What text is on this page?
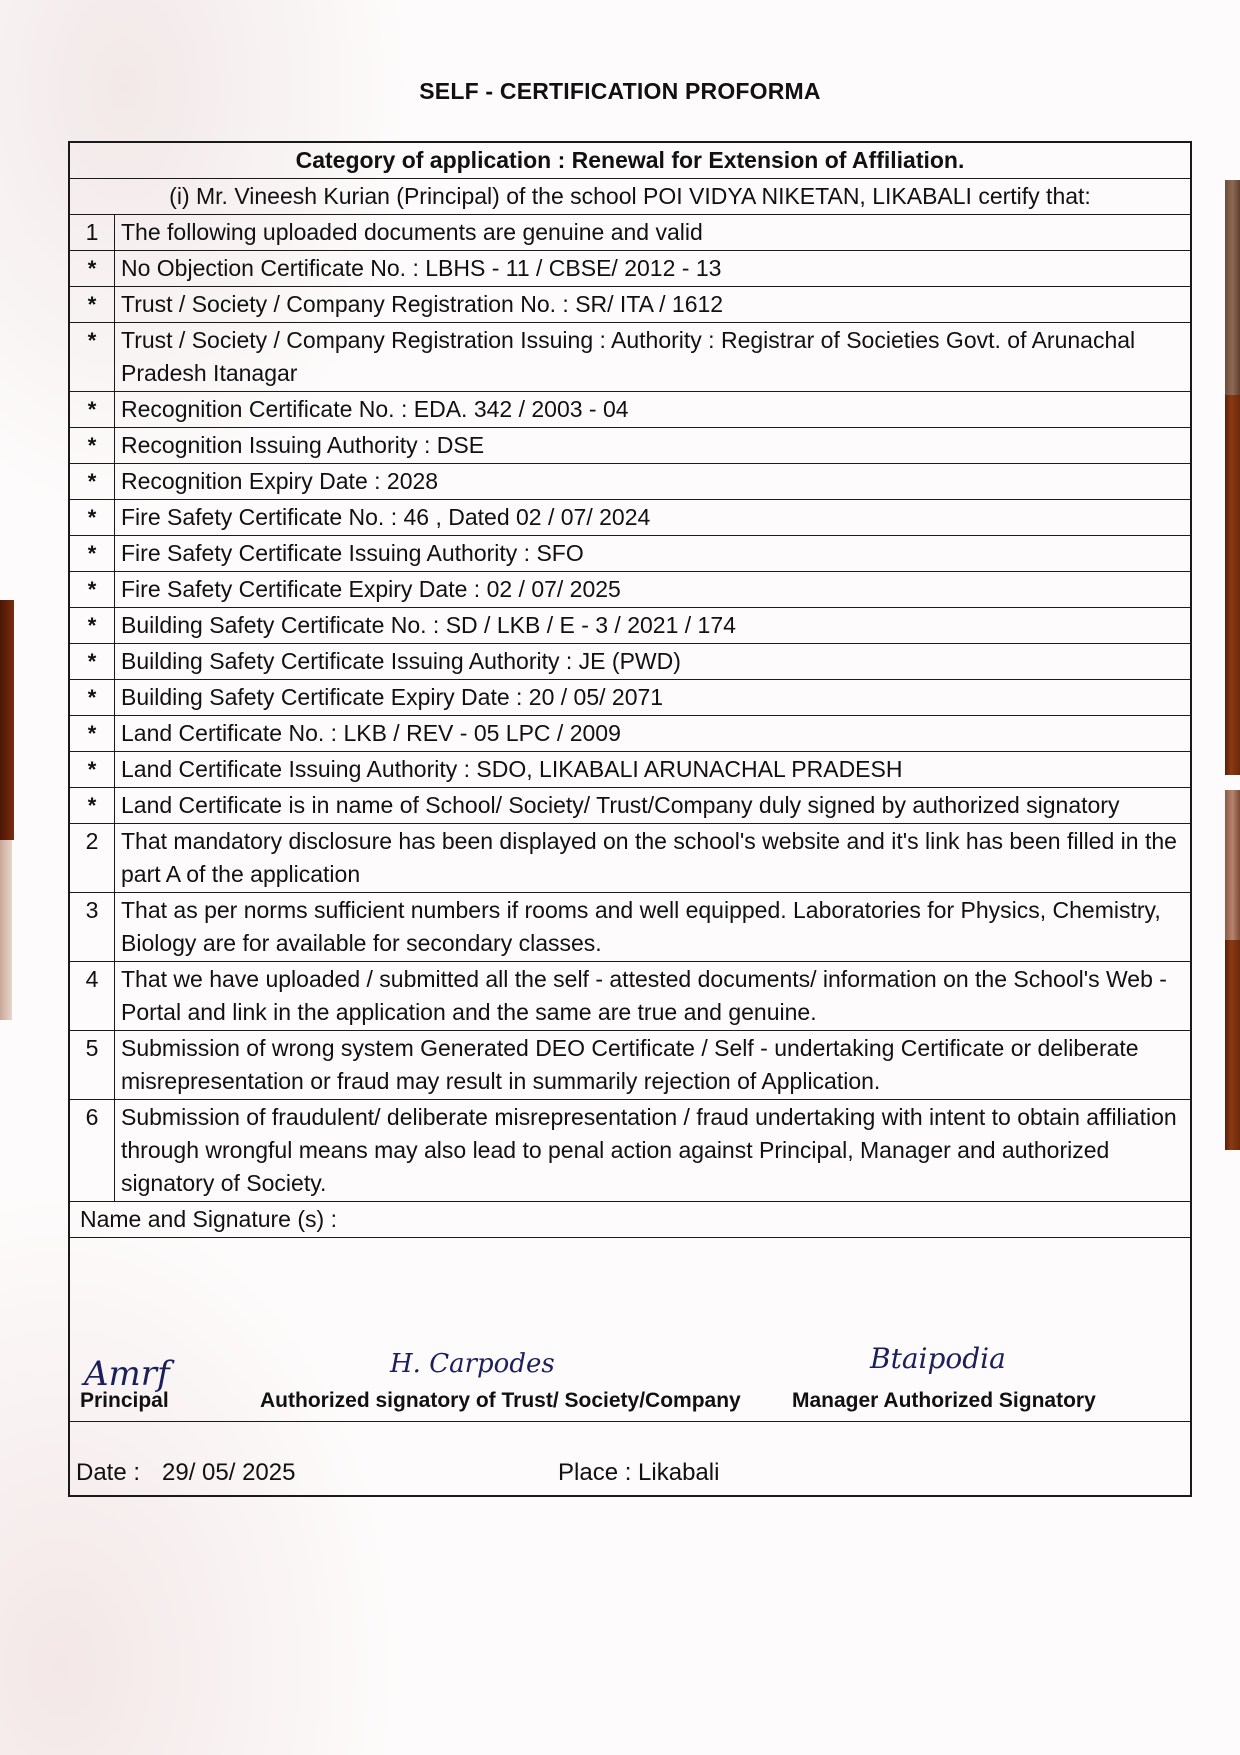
SELF - CERTIFICATION PROFORMA
Category of application : Renewal for Extension of Affiliation.
(i) Mr. Vineesh Kurian (Principal) of the school POI VIDYA NIKETAN, LIKABALI certify that:
1 The following uploaded documents are genuine and valid
*	No Objection Certificate No. : LBHS - 11 / CBSE/ 2012 - 13
*	Trust / Society / Company Registration No. : SR/ ITA / 1612
*	Trust / Society / Company Registration Issuing : Authority : Registrar of Societies Govt. of Arunachal Pradesh Itanagar
*	Recognition Certificate No. : EDA. 342 / 2003 - 04
*	Recognition Issuing Authority : DSE
*	Recognition Expiry Date : 2028
*	Fire Safety Certificate No. : 46 , Dated 02 / 07/ 2024
*	Fire Safety Certificate Issuing Authority : SFO
*	Fire Safety Certificate Expiry Date : 02 / 07/ 2025
*	Building Safety Certificate No. : SD / LKB / E - 3 / 2021 / 174
*	Building Safety Certificate Issuing Authority : JE (PWD)
*	Building Safety Certificate Expiry Date : 20 / 05/ 2071
*	Land Certificate No. : LKB / REV - 05 LPC / 2009
*	Land Certificate Issuing Authority : SDO, LIKABALI ARUNACHAL PRADESH
*	Land Certificate is in name of School/ Society/ Trust/Company duly signed by authorized signatory
2 That mandatory disclosure has been displayed on the school's website and it's link has been filled in the part A of the application
3 That as per norms sufficient numbers if rooms and well equipped. Laboratories for Physics, Chemistry, Biology are for available for secondary classes.
4 That we have uploaded / submitted all the self - attested documents/ information on the School's Web - Portal and link in the application and the same are true and genuine.
5 Submission of wrong system Generated DEO Certificate / Self - undertaking Certificate or deliberate misrepresentation or fraud may result in summarily rejection of Application.
6 Submission of fraudulent/ deliberate misrepresentation / fraud undertaking with intent to obtain affiliation through wrongful means may also lead to penal action against Principal, Manager and authorized signatory of Society.
Name and Signature (s) :
Amrf
Principal
H. Carpodes
Authorized signatory of Trust/ Society/Company
Btaipodia
Manager Authorized Signatory
Date : 29/ 05/ 2025	Place : Likabali
